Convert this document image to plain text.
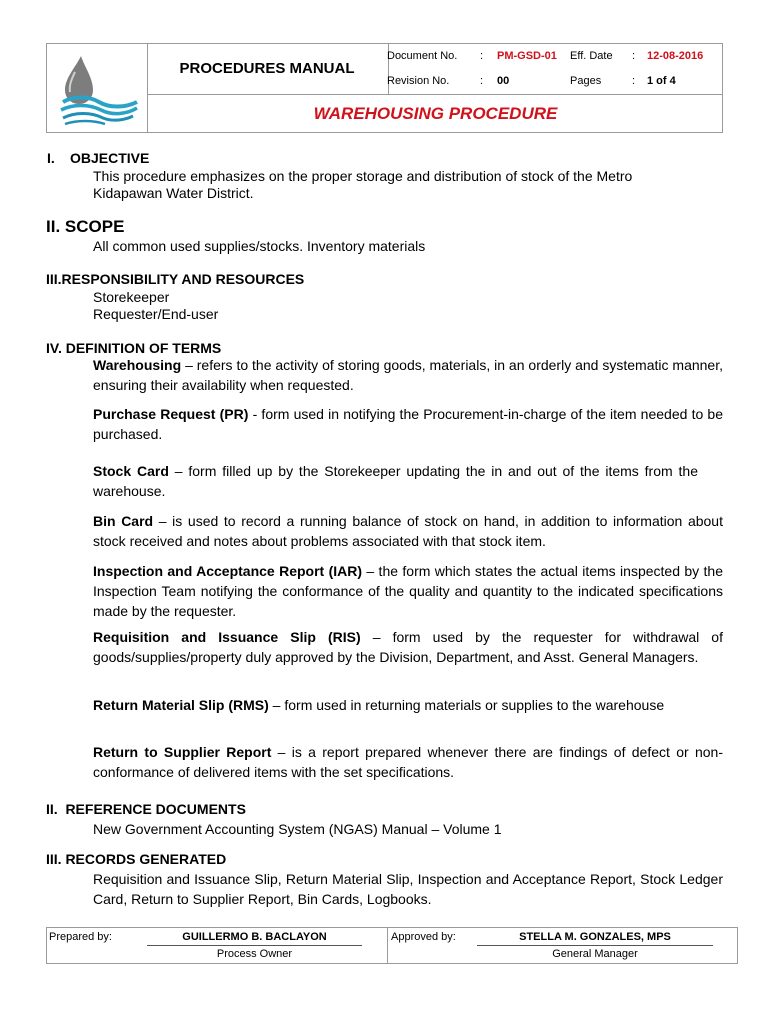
PROCEDURES MANUAL
Document No. : PM-GSD-01 Eff. Date : 12-08-2016
Revision No.	: 00	Pages	: 1 of 4
WAREHOUSING PROCEDURE
I. OBJECTIVE
This procedure emphasizes on the proper storage and distribution of stock of the Metro
Kidapawan Water District.
II. SCOPE
All common used supplies/stocks. Inventory materials
III.RESPONSIBILITY AND RESOURCES
Storekeeper
Requester/End-user
IV. DEFINITION OF TERMS
Warehousing – refers to the activity of storing goods, materials, in an orderly and systematic manner, ensuring their availability when requested.
Purchase Request (PR) - form used in notifying the Procurement-in-charge of the item needed to be purchased.
Stock Card – form filled up by the Storekeeper updating the in and out of the items from the warehouse.
Bin Card – is used to record a running balance of stock on hand, in addition to information about stock received and notes about problems associated with that stock item.
Inspection and Acceptance Report (IAR) – the form which states the actual items inspected by the Inspection Team notifying the conformance of the quality and quantity to the indicated specifications made by the requester.
Requisition and Issuance Slip (RIS) – form used by the requester for withdrawal of goods/supplies/property duly approved by the Division, Department, and Asst. General Managers.
Return Material Slip (RMS) – form used in returning materials or supplies to the warehouse
Return to Supplier Report – is a report prepared whenever there are findings of defect or non-conformance of delivered items with the set specifications.
II.  REFERENCE DOCUMENTS
New Government Accounting System (NGAS) Manual – Volume 1
III. RECORDS GENERATED
Requisition and Issuance Slip, Return Material Slip, Inspection and Acceptance Report, Stock Ledger Card, Return to Supplier Report, Bin Cards, Logbooks.
Prepared by:	GUILLERMO B. BACLAYON
Process Owner
Approved by:	STELLA M. GONZALES, MPS
General Manager
